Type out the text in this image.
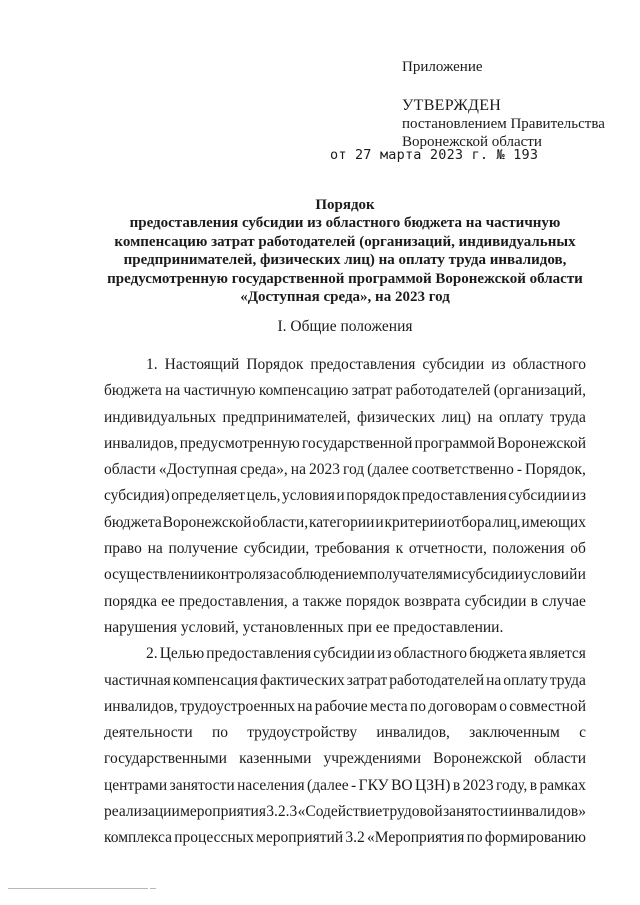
Приложение
УТВЕРЖДЕН
постановлением Правительства
Воронежской области
от 27 марта 2023 г. № 193
Порядок
предоставления субсидии из областного бюджета на частичную
компенсацию затрат работодателей (организаций, индивидуальных
предпринимателей, физических лиц) на оплату труда инвалидов,
предусмотренную государственной программой Воронежской области
«Доступная среда», на 2023 год
I. Общие положения
1. Настоящий Порядок предоставления субсидии из областного
бюджета на частичную компенсацию затрат работодателей (организаций,
индивидуальных предпринимателей, физических лиц) на оплату труда
инвалидов, предусмотренную государственной программой Воронежской
области «Доступная среда», на 2023 год (далее соответственно - Порядок,
субсидия) определяет цель, условия и порядок предоставления субсидии из
бюджета Воронежской области, категории и критерии отбора лиц, имеющих
право на получение субсидии, требования к отчетности, положения об
осуществлении контроля за соблюдением получателями субсидии условий и
порядка ее предоставления, а также порядок возврата субсидии в случае
нарушения условий, установленных при ее предоставлении.
2. Целью предоставления субсидии из областного бюджета является
частичная компенсация фактических затрат работодателей на оплату труда
инвалидов, трудоустроенных на рабочие места по договорам о совместной
деятельности по трудоустройству инвалидов, заключенным с
государственными казенными учреждениями Воронежской области
центрами занятости населения (далее - ГКУ ВО ЦЗН) в 2023 году, в рамках
реализации мероприятия 3.2.3 «Содействие трудовой занятости инвалидов»
комплекса процессных мероприятий 3.2 «Мероприятия по формированию
